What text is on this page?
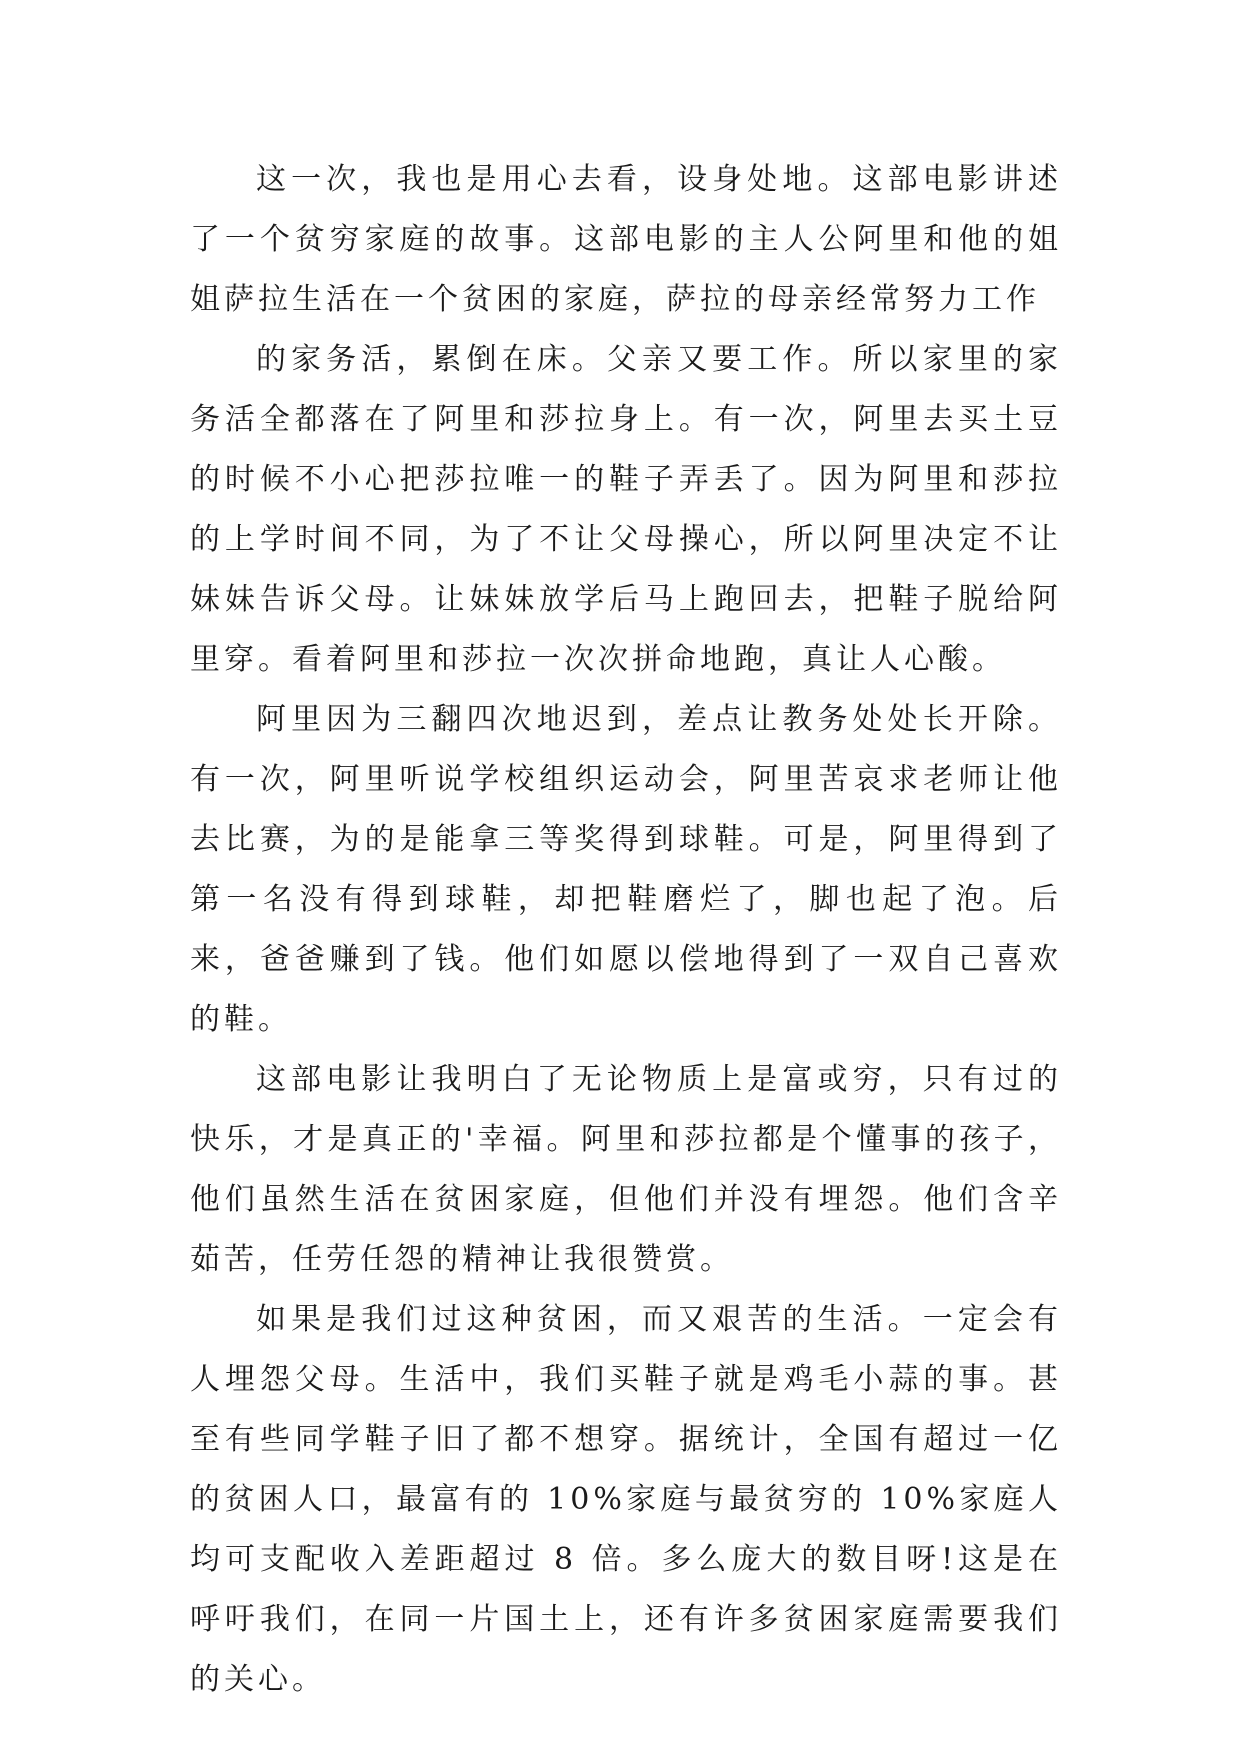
这一次，我也是用心去看，设身处地。这部电影讲述了一个贫穷家庭的故事。这部电影的主人公阿里和他的姐姐萨拉生活在一个贫困的家庭，萨拉的母亲经常努力工作

的家务活，累倒在床。父亲又要工作。所以家里的家务活全都落在了阿里和莎拉身上。有一次，阿里去买土豆的时候不小心把莎拉唯一的鞋子弄丢了。因为阿里和莎拉的上学时间不同，为了不让父母操心，所以阿里决定不让妹妹告诉父母。让妹妹放学后马上跑回去，把鞋子脱给阿里穿。看着阿里和莎拉一次次拼命地跑，真让人心酸。

阿里因为三翻四次地迟到，差点让教务处处长开除。有一次，阿里听说学校组织运动会，阿里苦哀求老师让他去比赛，为的是能拿三等奖得到球鞋。可是，阿里得到了第一名没有得到球鞋，却把鞋磨烂了，脚也起了泡。后来，爸爸赚到了钱。他们如愿以偿地得到了一双自己喜欢的鞋。

这部电影让我明白了无论物质上是富或穷，只有过的快乐，才是真正的'幸福。阿里和莎拉都是个懂事的孩子，他们虽然生活在贫困家庭，但他们并没有埋怨。他们含辛茹苦，任劳任怨的精神让我很赞赏。

如果是我们过这种贫困，而又艰苦的生活。一定会有人埋怨父母。生活中，我们买鞋子就是鸡毛小蒜的事。甚至有些同学鞋子旧了都不想穿。据统计，全国有超过一亿的贫困人口，最富有的 10%家庭与最贫穷的 10%家庭人均可支配收入差距超过 8 倍。多么庞大的数目呀!这是在呼吁我们，在同一片国土上，还有许多贫困家庭需要我们的关心。
